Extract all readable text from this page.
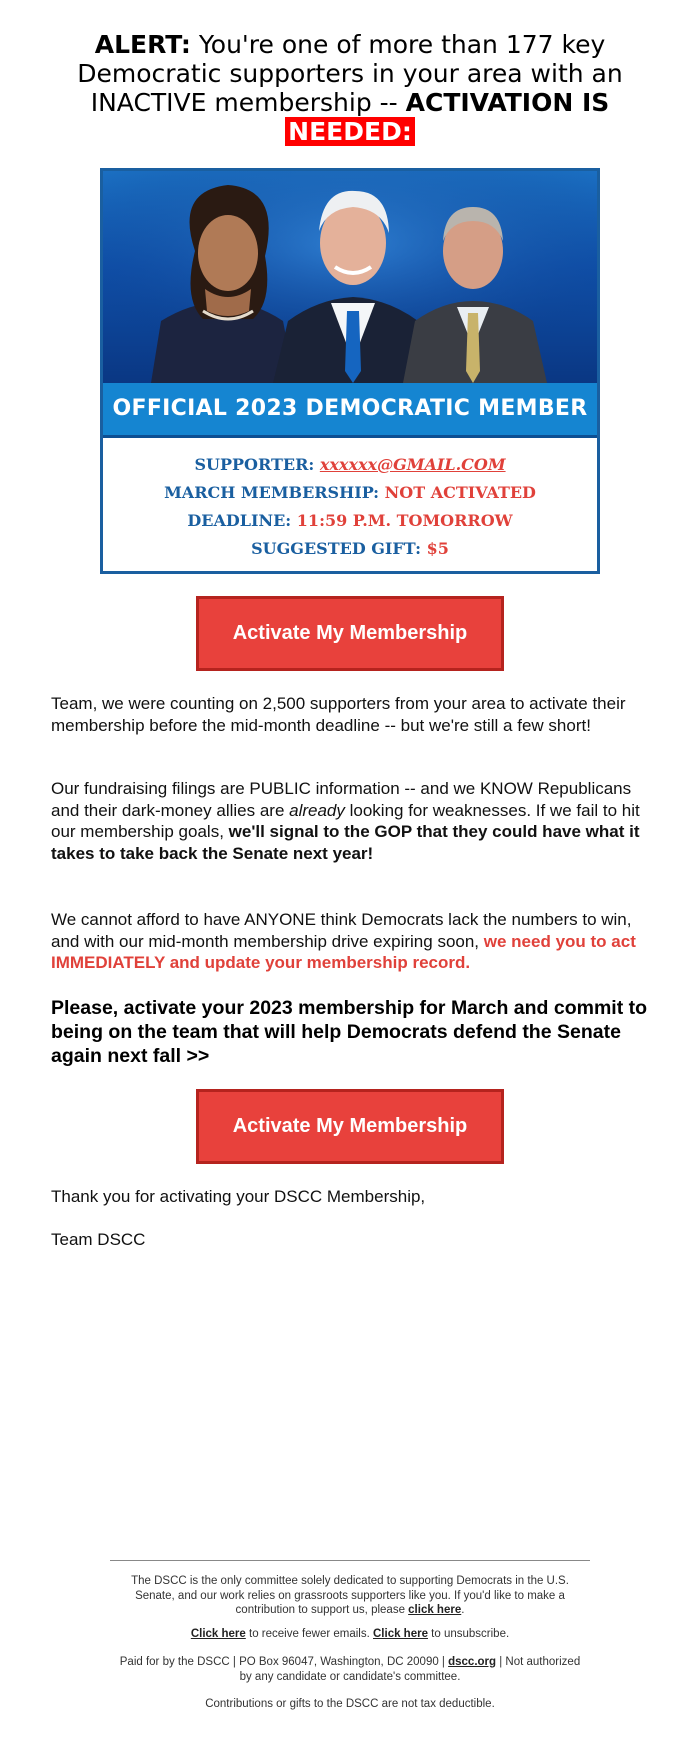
ALERT: You're one of more than 177 key Democratic supporters in your area with an INACTIVE membership -- ACTIVATION IS NEEDED:
OFFICIAL 2023 DEMOCRATIC MEMBER
SUPPORTER: xxxxxx@GMAIL.COM
MARCH MEMBERSHIP: NOT ACTIVATED
DEADLINE: 11:59 P.M. TOMORROW
SUGGESTED GIFT: $5
Activate My Membership
Team, we were counting on 2,500 supporters from your area to activate their membership before the mid-month deadline -- but we're still a few short!
Our fundraising filings are PUBLIC information -- and we KNOW Republicans and their dark-money allies are already looking for weaknesses. If we fail to hit our membership goals, we'll signal to the GOP that they could have what it takes to take back the Senate next year!
We cannot afford to have ANYONE think Democrats lack the numbers to win, and with our mid-month membership drive expiring soon, we need you to act IMMEDIATELY and update your membership record.
Please, activate your 2023 membership for March and commit to being on the team that will help Democrats defend the Senate again next fall >>
Activate My Membership
Thank you for activating your DSCC Membership,
Team DSCC
The DSCC is the only committee solely dedicated to supporting Democrats in the U.S. Senate, and our work relies on grassroots supporters like you. If you'd like to make a contribution to support us, please click here.
Click here to receive fewer emails. Click here to unsubscribe.
Paid for by the DSCC | PO Box 96047, Washington, DC 20090 | dscc.org | Not authorized by any candidate or candidate's committee.
Contributions or gifts to the DSCC are not tax deductible.
